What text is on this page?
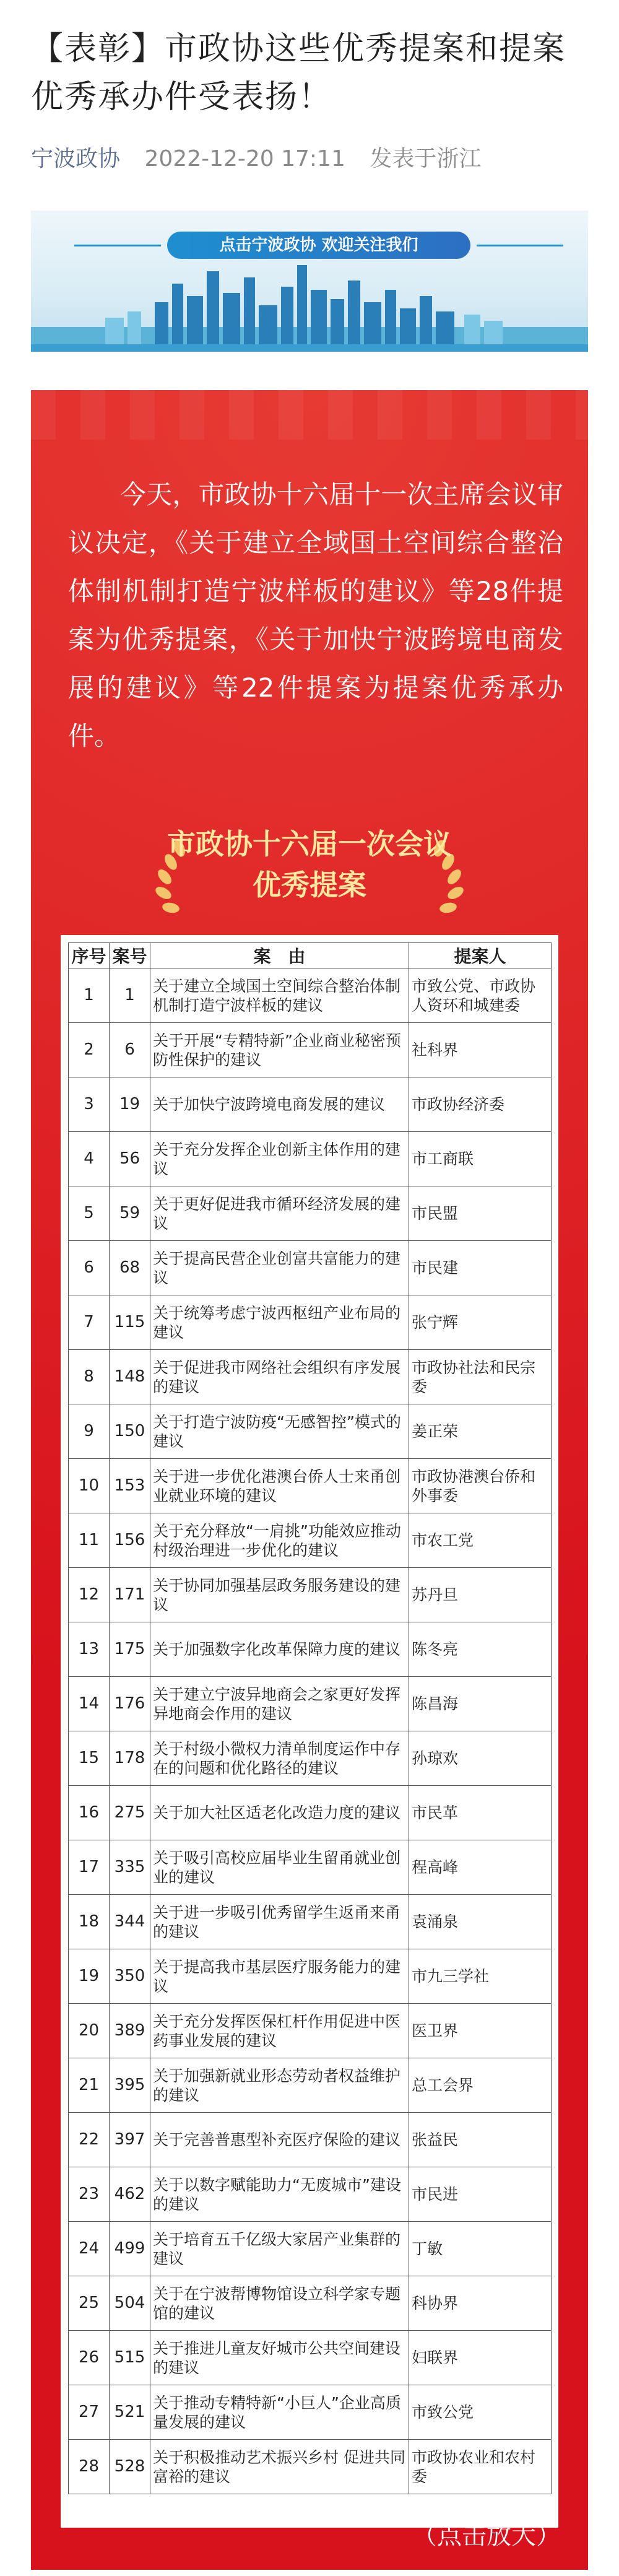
【表彰】市政协这些优秀提案和提案优秀承办件受表扬！
宁波政协 2022-12-20 17:11 发表于浙江
点击宁波政协 欢迎关注我们

今天，市政协十六届十一次主席会议审议决定，《关于建立全域国土空间综合整治体制机制打造宁波样板的建议》等28件提案为优秀提案，《关于加快宁波跨境电商发展的建议》等22件提案为提案优秀承办件。

市政协十六届一次会议
优秀提案
序号	案号	案　由	提案人
1	1	关于建立全域国土空间综合整治体制机制打造宁波样板的建议	市致公党、市政协人资环和城建委
2	6	关于开展“专精特新”企业商业秘密预防性保护的建议	社科界
3	19	关于加快宁波跨境电商发展的建议	市政协经济委
4	56	关于充分发挥企业创新主体作用的建议	市工商联
5	59	关于更好促进我市循环经济发展的建议	市民盟
6	68	关于提高民营企业创富共富能力的建议	市民建
7	115	关于统筹考虑宁波西枢纽产业布局的建议	张宁辉
8	148	关于促进我市网络社会组织有序发展的建议	市政协社法和民宗委
9	150	关于打造宁波防疫“无感智控”模式的建议	姜正荣
10	153	关于进一步优化港澳台侨人士来甬创业就业环境的建议	市政协港澳台侨和外事委
11	156	关于充分释放“一肩挑”功能效应推动村级治理进一步优化的建议	市农工党
12	171	关于协同加强基层政务服务建设的建议	苏丹旦
13	175	关于加强数字化改革保障力度的建议	陈冬亮
14	176	关于建立宁波异地商会之家更好发挥异地商会作用的建议	陈昌海
15	178	关于村级小微权力清单制度运作中存在的问题和优化路径的建议	孙琼欢
16	275	关于加大社区适老化改造力度的建议	市民革
17	335	关于吸引高校应届毕业生留甬就业创业的建议	程高峰
18	344	关于进一步吸引优秀留学生返甬来甬的建议	袁涌泉
19	350	关于提高我市基层医疗服务能力的建议	市九三学社
20	389	关于充分发挥医保杠杆作用促进中医药事业发展的建议	医卫界
21	395	关于加强新就业形态劳动者权益维护的建议	总工会界
22	397	关于完善普惠型补充医疗保险的建议	张益民
23	462	关于以数字赋能助力“无废城市”建设的建议	市民进
24	499	关于培育五千亿级大家居产业集群的建议	丁敏
25	504	关于在宁波帮博物馆设立科学家专题馆的建议	科协界
26	515	关于推进儿童友好城市公共空间建设的建议	妇联界
27	521	关于推动专精特新“小巨人”企业高质量发展的建议	市致公党
28	528	关于积极推动艺术振兴乡村 促进共同富裕的建议	市政协农业和农村委
（点击放大）
